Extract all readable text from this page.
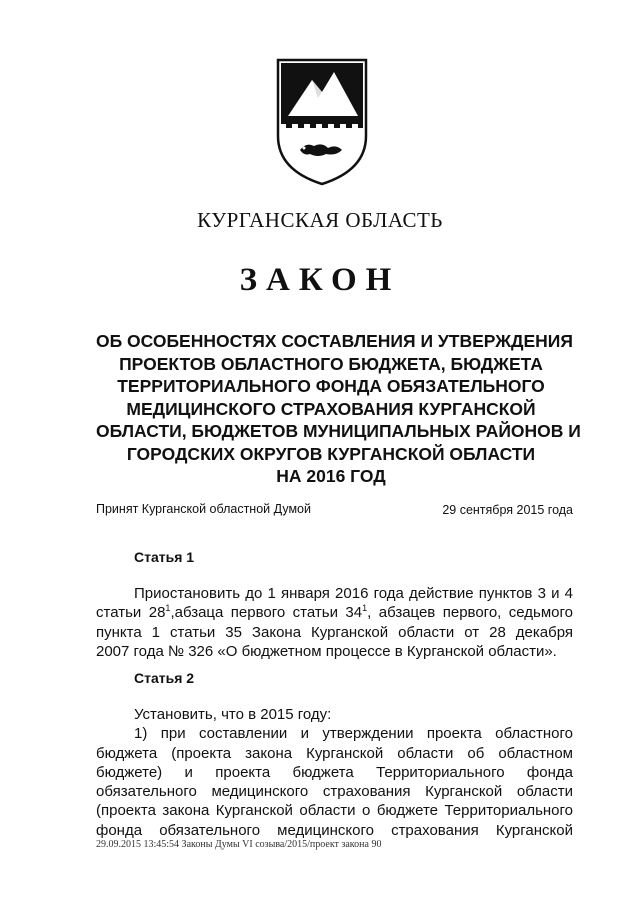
КУРГАНСКАЯ ОБЛАСТЬ
ЗАКОН
ОБ ОСОБЕННОСТЯХ СОСТАВЛЕНИЯ И УТВЕРЖДЕНИЯ
ПРОЕКТОВ ОБЛАСТНОГО БЮДЖЕТА, БЮДЖЕТА
ТЕРРИТОРИАЛЬНОГО ФОНДА ОБЯЗАТЕЛЬНОГО
МЕДИЦИНСКОГО СТРАХОВАНИЯ КУРГАНСКОЙ
ОБЛАСТИ, БЮДЖЕТОВ МУНИЦИПАЛЬНЫХ РАЙОНОВ И
ГОРОДСКИХ ОКРУГОВ КУРГАНСКОЙ ОБЛАСТИ
НА 2016 ГОД
Принят Курганской областной Думой	29 сентября 2015 года
Статья 1
Приостановить до 1 января 2016 года действие пунктов 3 и 4
статьи $28^1,абзаца$ первого статьи $34^1$, абзацев первого, седьмого
пункта 1 статьи 35 Закона Курганской области от 28 декабря
2007 года № 326 «О бюджетном процессе в Курганской области».
Статья 2
Установить, что в 2015 году:
1) при составлении и утверждении проекта областного
бюджета (проекта закона Курганской области об областном
бюджете) и проекта бюджета Территориального фонда
обязательного медицинского страхования Курганской области
(проекта закона Курганской области о бюджете Территориального
фонда обязательного медицинского страхования Курганской
29.09.2015 13:45:54 Законы Думы VI созыва/2015/проект закона 90
